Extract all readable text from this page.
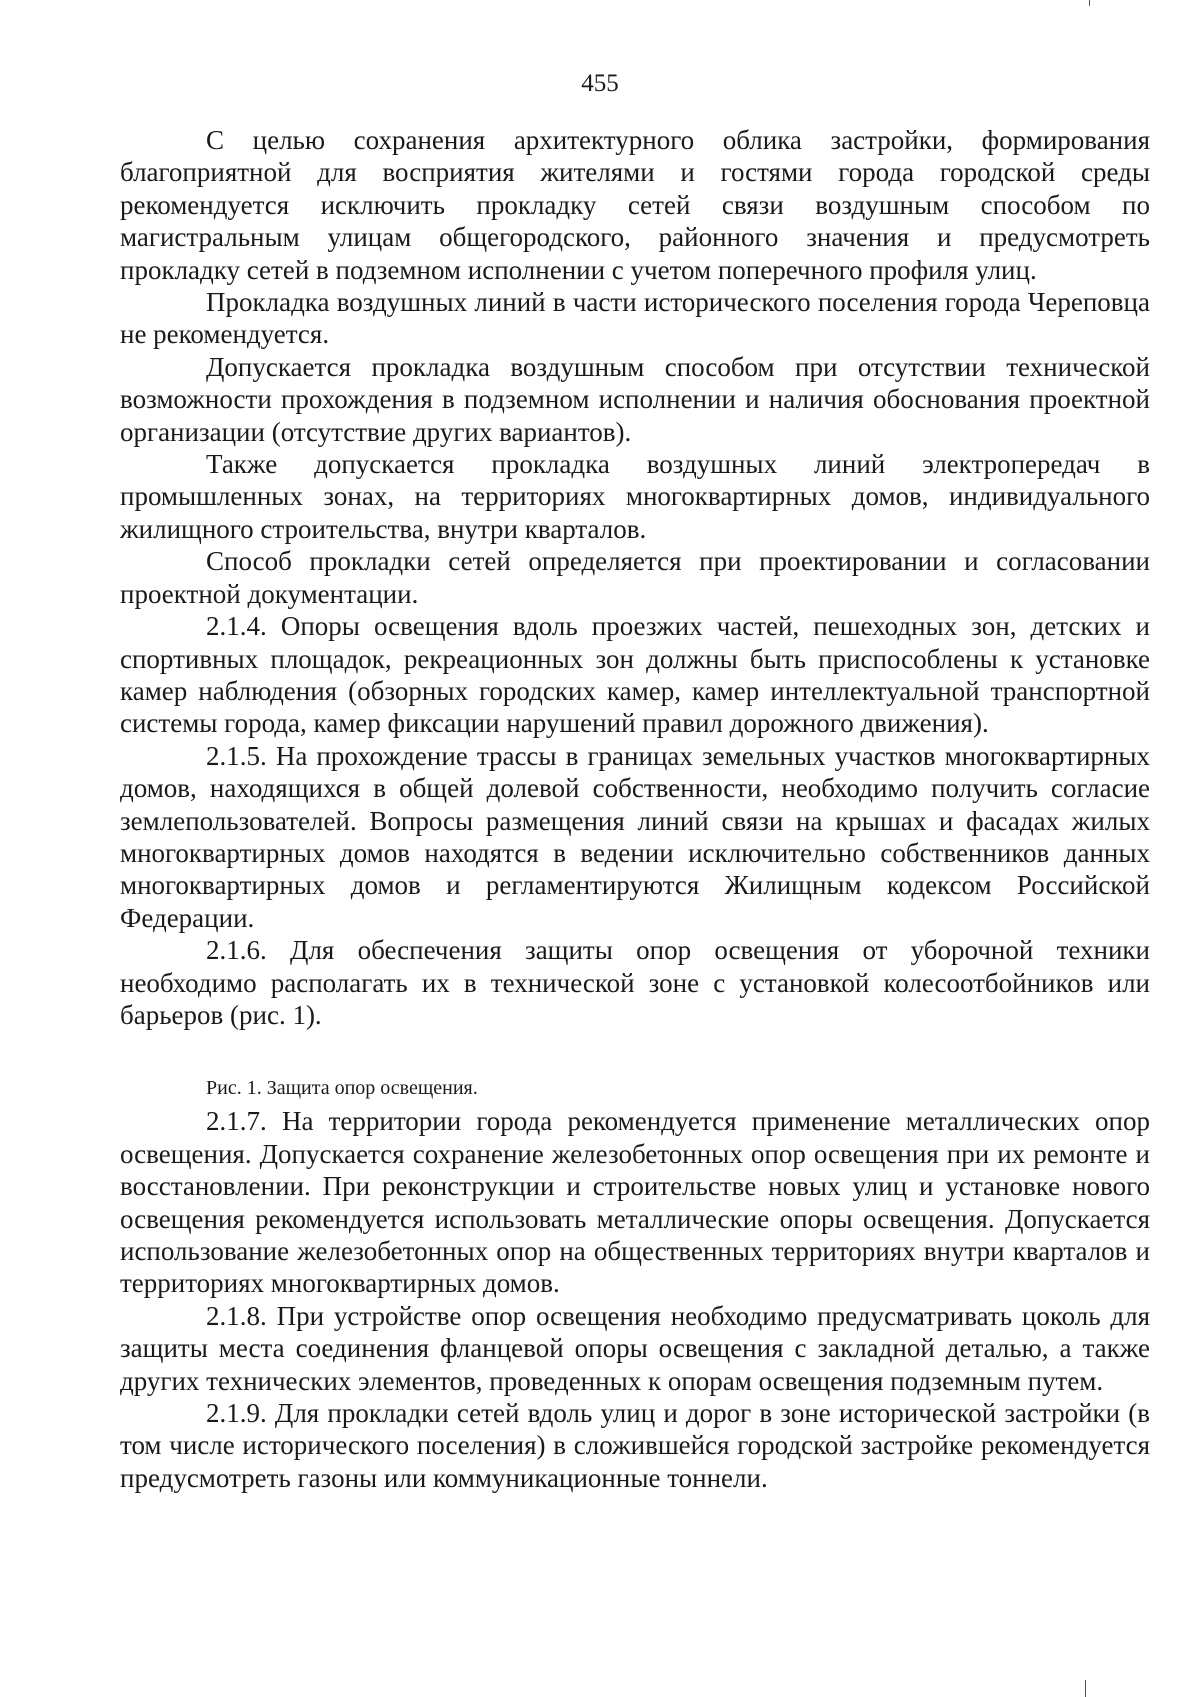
455

С целью сохранения архитектурного облика застройки, формирования благоприятной для восприятия жителями и гостями города городской среды рекомендуется исключить прокладку сетей связи воздушным способом по магистральным улицам общегородского, районного значения и предусмотреть прокладку сетей в подземном исполнении с учетом поперечного профиля улиц.

Прокладка воздушных линий в части исторического поселения города Череповца не рекомендуется.

Допускается прокладка воздушным способом при отсутствии технической возможности прохождения в подземном исполнении и наличия обоснования проектной организации (отсутствие других вариантов).

Также допускается прокладка воздушных линий электропередач в промышленных зонах, на территориях многоквартирных домов, индивидуального жилищного строительства, внутри кварталов.

Способ прокладки сетей определяется при проектировании и согласовании проектной документации.

2.1.4. Опоры освещения вдоль проезжих частей, пешеходных зон, детских и спортивных площадок, рекреационных зон должны быть приспособлены к установке камер наблюдения (обзорных городских камер, камер интеллектуальной транспортной системы города, камер фиксации нарушений правил дорожного движения).

2.1.5. На прохождение трассы в границах земельных участков многоквартирных домов, находящихся в общей долевой собственности, необходимо получить согласие землепользователей. Вопросы размещения линий связи на крышах и фасадах жилых многоквартирных домов находятся в ведении исключительно собственников данных многоквартирных домов и регламентируются Жилищным кодексом Российской Федерации.

2.1.6. Для обеспечения защиты опор освещения от уборочной техники необходимо располагать их в технической зоне с установкой колесоотбойников или барьеров (рис. 1).

Рис. 1. Защита опор освещения.

2.1.7. На территории города рекомендуется применение металлических опор освещения. Допускается сохранение железобетонных опор освещения при их ремонте и восстановлении. При реконструкции и строительстве новых улиц и установке нового освещения рекомендуется использовать металлические опоры освещения. Допускается использование железобетонных опор на общественных территориях внутри кварталов и территориях многоквартирных домов.

2.1.8. При устройстве опор освещения необходимо предусматривать цоколь для защиты места соединения фланцевой опоры освещения с закладной деталью, а также других технических элементов, проведенных к опорам освещения подземным путем.

2.1.9. Для прокладки сетей вдоль улиц и дорог в зоне исторической застройки (в том числе исторического поселения) в сложившейся городской застройке рекомендуется предусмотреть газоны или коммуникационные тоннели.
